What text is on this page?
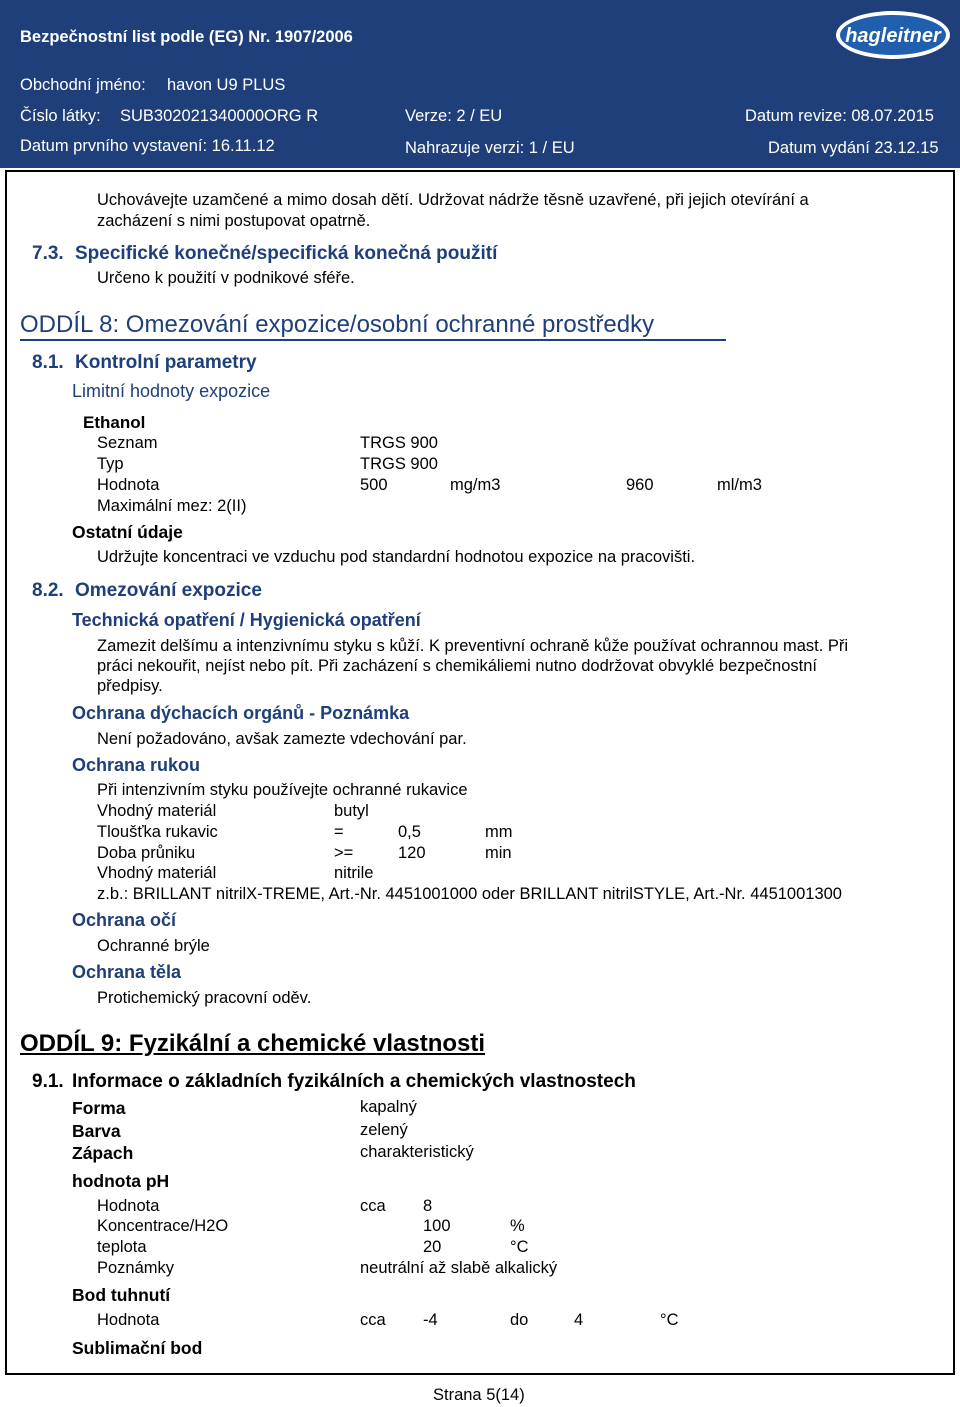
Bezpečnostní list podle (EG) Nr. 1907/2006	hagleitner
Obchodní jméno: havon U9 PLUS
Číslo látky: SUB302021340000ORG R	Verze: 2 / EU	Datum revize: 08.07.2015
Datum prvního vystavení: 16.11.12	Nahrazuje verzi: 1 / EU	Datum vydání 23.12.15
Uchovávejte uzamčené a mimo dosah dětí. Udržovat nádrže těsně uzavřené, při jejich otevírání a
zacházení s nimi postupovat opatrně.
7.3. Specifické konečné/specifická konečná použití
Určeno k použití v podnikové sféře.
ODDÍL 8: Omezování expozice/osobní ochranné prostředky
8.1. Kontrolní parametry
Limitní hodnoty expozice
Ethanol
Seznam	TRGS 900
Typ	TRGS 900
Hodnota	500	mg/m3	960	ml/m3
Maximální mez: 2(II)
Ostatní údaje
Udržujte koncentraci ve vzduchu pod standardní hodnotou expozice na pracovišti.
8.2. Omezování expozice
Technická opatření / Hygienická opatření
Zamezit delšímu a intenzivnímu styku s kůží. K preventivní ochraně kůže používat ochrannou mast. Při
práci nekouřit, nejíst nebo pít. Při zacházení s chemikáliemi nutno dodržovat obvyklé bezpečnostní
předpisy.
Ochrana dýchacích orgánů - Poznámka
Není požadováno, avšak zamezte vdechování par.
Ochrana rukou
Při intenzivním styku používejte ochranné rukavice
Vhodný materiál	butyl
Tloušťka rukavic	=	0,5	mm
Doba průniku	>=	120	min
Vhodný materiál	nitrile
z.b.: BRILLANT nitrilX-TREME, Art.-Nr. 4451001000 oder BRILLANT nitrilSTYLE, Art.-Nr. 4451001300
Ochrana očí
Ochranné brýle
Ochrana těla
Protichemický pracovní oděv.
ODDÍL 9: Fyzikální a chemické vlastnosti
9.1. Informace o základních fyzikálních a chemických vlastnostech
Forma	kapalný
Barva	zelený
Zápach	charakteristický
hodnota pH
Hodnota	cca 8
Koncentrace/H2O	100	%
teplota	20	°C
Poznámky	neutrální až slabě alkalický
Bod tuhnutí
Hodnota	cca -4	do	4	°C
Sublimační bod
Strana 5(14)
